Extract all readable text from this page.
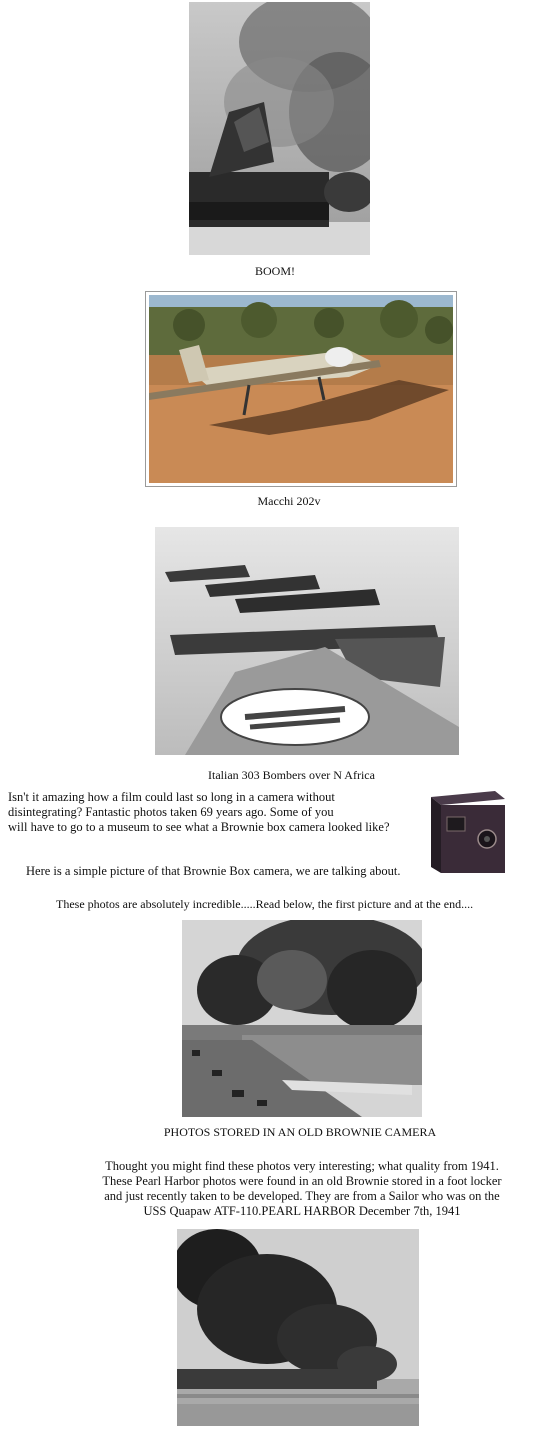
BOOM!
Macchi 202v
Italian 303 Bombers over N Africa
Isn't it amazing how a film could last so long in a camera without
disintegrating? Fantastic photos taken 69 years ago. Some of you
will have to go to a museum to see what a Brownie box camera looked like?
Here is a simple picture of that Brownie Box camera, we are talking about.
These photos are absolutely incredible.....Read below, the first picture and at the end....
PHOTOS STORED IN AN OLD BROWNIE CAMERA
Thought you might find these photos very interesting; what quality from 1941.
These Pearl Harbor photos were found in an old Brownie stored in a foot locker
and just recently taken to be developed. They are from a Sailor who was on the
USS Quapaw ATF-110.PEARL HARBOR December 7th, 1941
